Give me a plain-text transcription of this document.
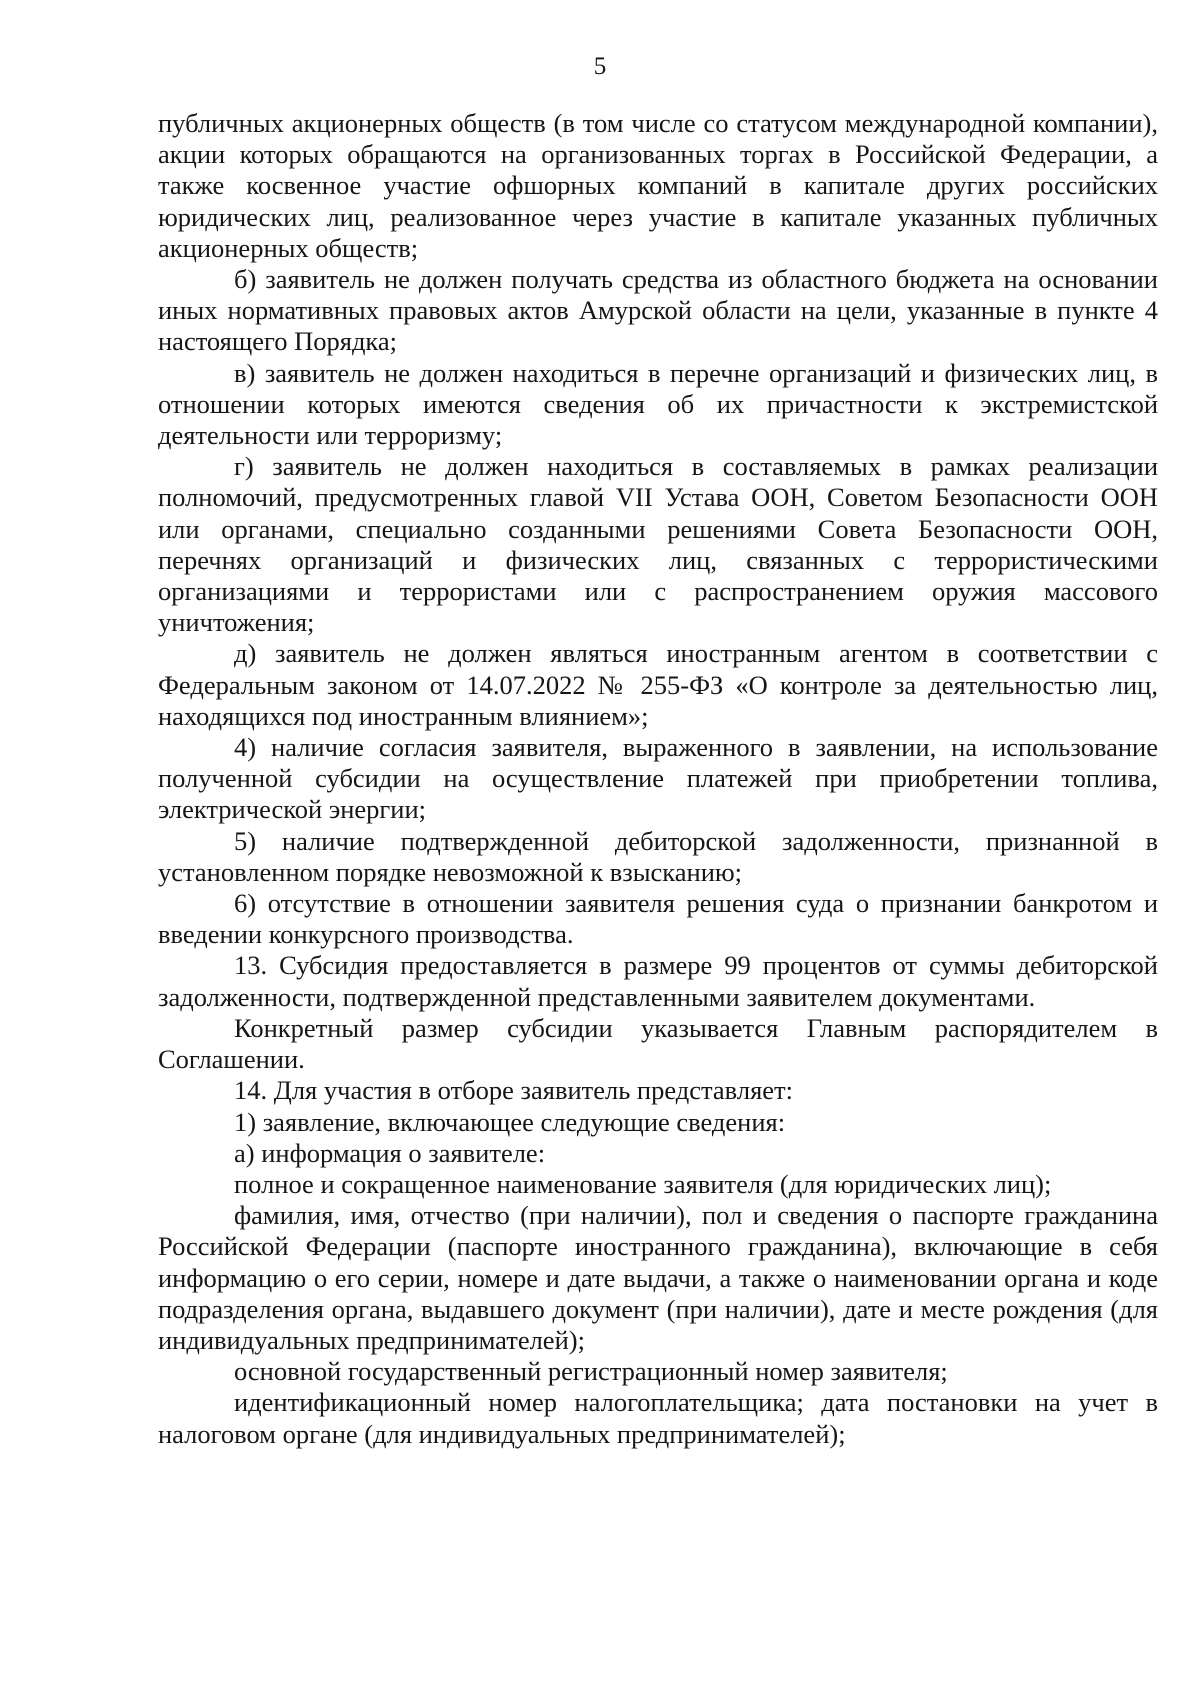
5

публичных акционерных обществ (в том числе со статусом международной компании), акции которых обращаются на организованных торгах в Российской Федерации, а также косвенное участие офшорных компаний в капитале других российских юридических лиц, реализованное через участие в капитале указанных публичных акционерных обществ;

б) заявитель не должен получать средства из областного бюджета на основании иных нормативных правовых актов Амурской области на цели, указанные в пункте 4 настоящего Порядка;

в) заявитель не должен находиться в перечне организаций и физических лиц, в отношении которых имеются сведения об их причастности к экстремистской деятельности или терроризму;

г) заявитель не должен находиться в составляемых в рамках реализации полномочий, предусмотренных главой VII Устава ООН, Советом Безопасности ООН или органами, специально созданными решениями Совета Безопасности ООН, перечнях организаций и физических лиц, связанных с террористическими организациями и террористами или с распространением оружия массового уничтожения;

д) заявитель не должен являться иностранным агентом в соответствии с Федеральным законом от 14.07.2022 № 255-ФЗ «О контроле за деятельностью лиц, находящихся под иностранным влиянием»;

4) наличие согласия заявителя, выраженного в заявлении, на использование полученной субсидии на осуществление платежей при приобретении топлива, электрической энергии;

5) наличие подтвержденной дебиторской задолженности, признанной в установленном порядке невозможной к взысканию;

6) отсутствие в отношении заявителя решения суда о признании банкротом и введении конкурсного производства.

13. Субсидия предоставляется в размере 99 процентов от суммы дебиторской задолженности, подтвержденной представленными заявителем документами.

Конкретный размер субсидии указывается Главным распорядителем в Соглашении.

14. Для участия в отборе заявитель представляет:

1) заявление, включающее следующие сведения:

а) информация о заявителе:

полное и сокращенное наименование заявителя (для юридических лиц);

фамилия, имя, отчество (при наличии), пол и сведения о паспорте гражданина Российской Федерации (паспорте иностранного гражданина), включающие в себя информацию о его серии, номере и дате выдачи, а также о наименовании органа и коде подразделения органа, выдавшего документ (при наличии), дате и месте рождения (для индивидуальных предпринимателей);

основной государственный регистрационный номер заявителя;

идентификационный номер налогоплательщика; дата постановки на учет в налоговом органе (для индивидуальных предпринимателей);
